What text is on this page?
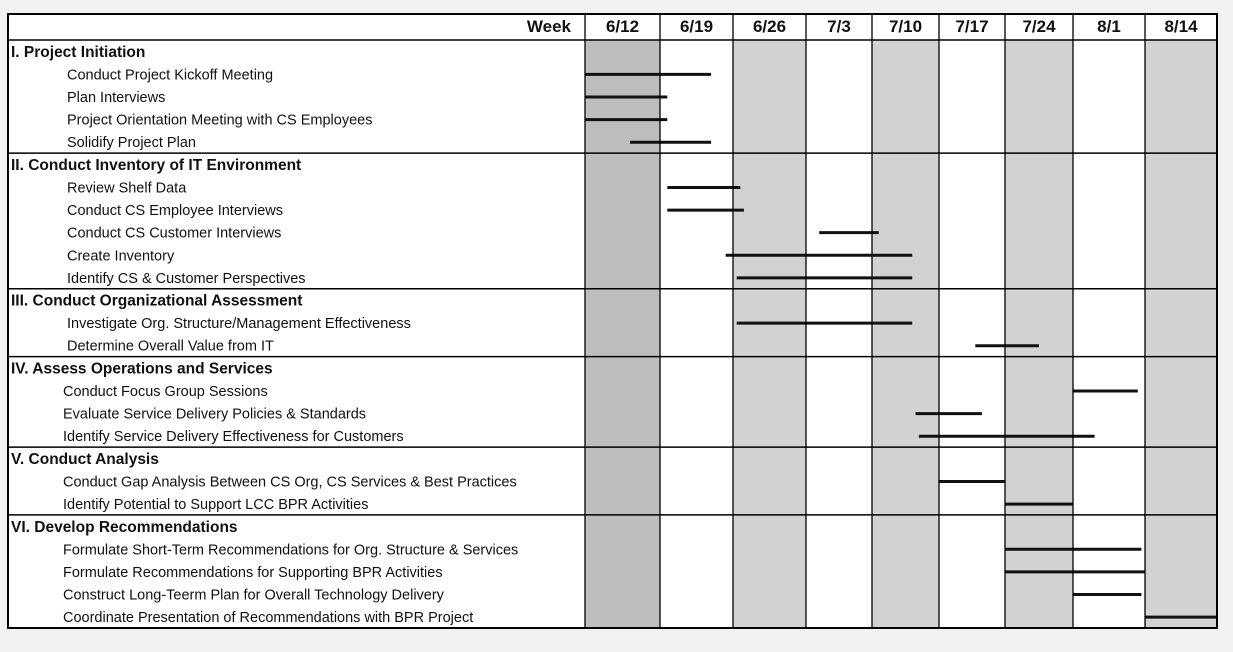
Week 6/12 6/19 6/26 7/3 7/10 7/17 7/24 8/1	8/14
I. Project Initiation
Conduct Project Kickoff Meeting
Plan Interviews
Project Orientation Meeting with CS Employees
Solidify Project Plan
II. Conduct Inventory of IT Environment
Review Shelf Data
Conduct CS Employee Interviews
Conduct CS Customer Interviews
Create Inventory
Identify CS & Customer Perspectives
III. Conduct Organizational Assessment
Investigate Org. Structure/Management Effectiveness
Determine Overall Value from IT
IV. Assess Operations and Services
Conduct Focus Group Sessions
Evaluate Service Delivery Policies & Standards
Identify Service Delivery Effectiveness for Customers
V. Conduct Analysis
Conduct Gap Analysis Between CS Org, CS Services & Best Practices
Identify Potential to Support LCC BPR Activities
VI. Develop Recommendations
Formulate Short-Term Recommendations for Org. Structure & Services
Formulate Recommendations for Supporting BPR Activities
Construct Long-Teerm Plan for Overall Technology Delivery
Coordinate Presentation of Recommendations with BPR Project
